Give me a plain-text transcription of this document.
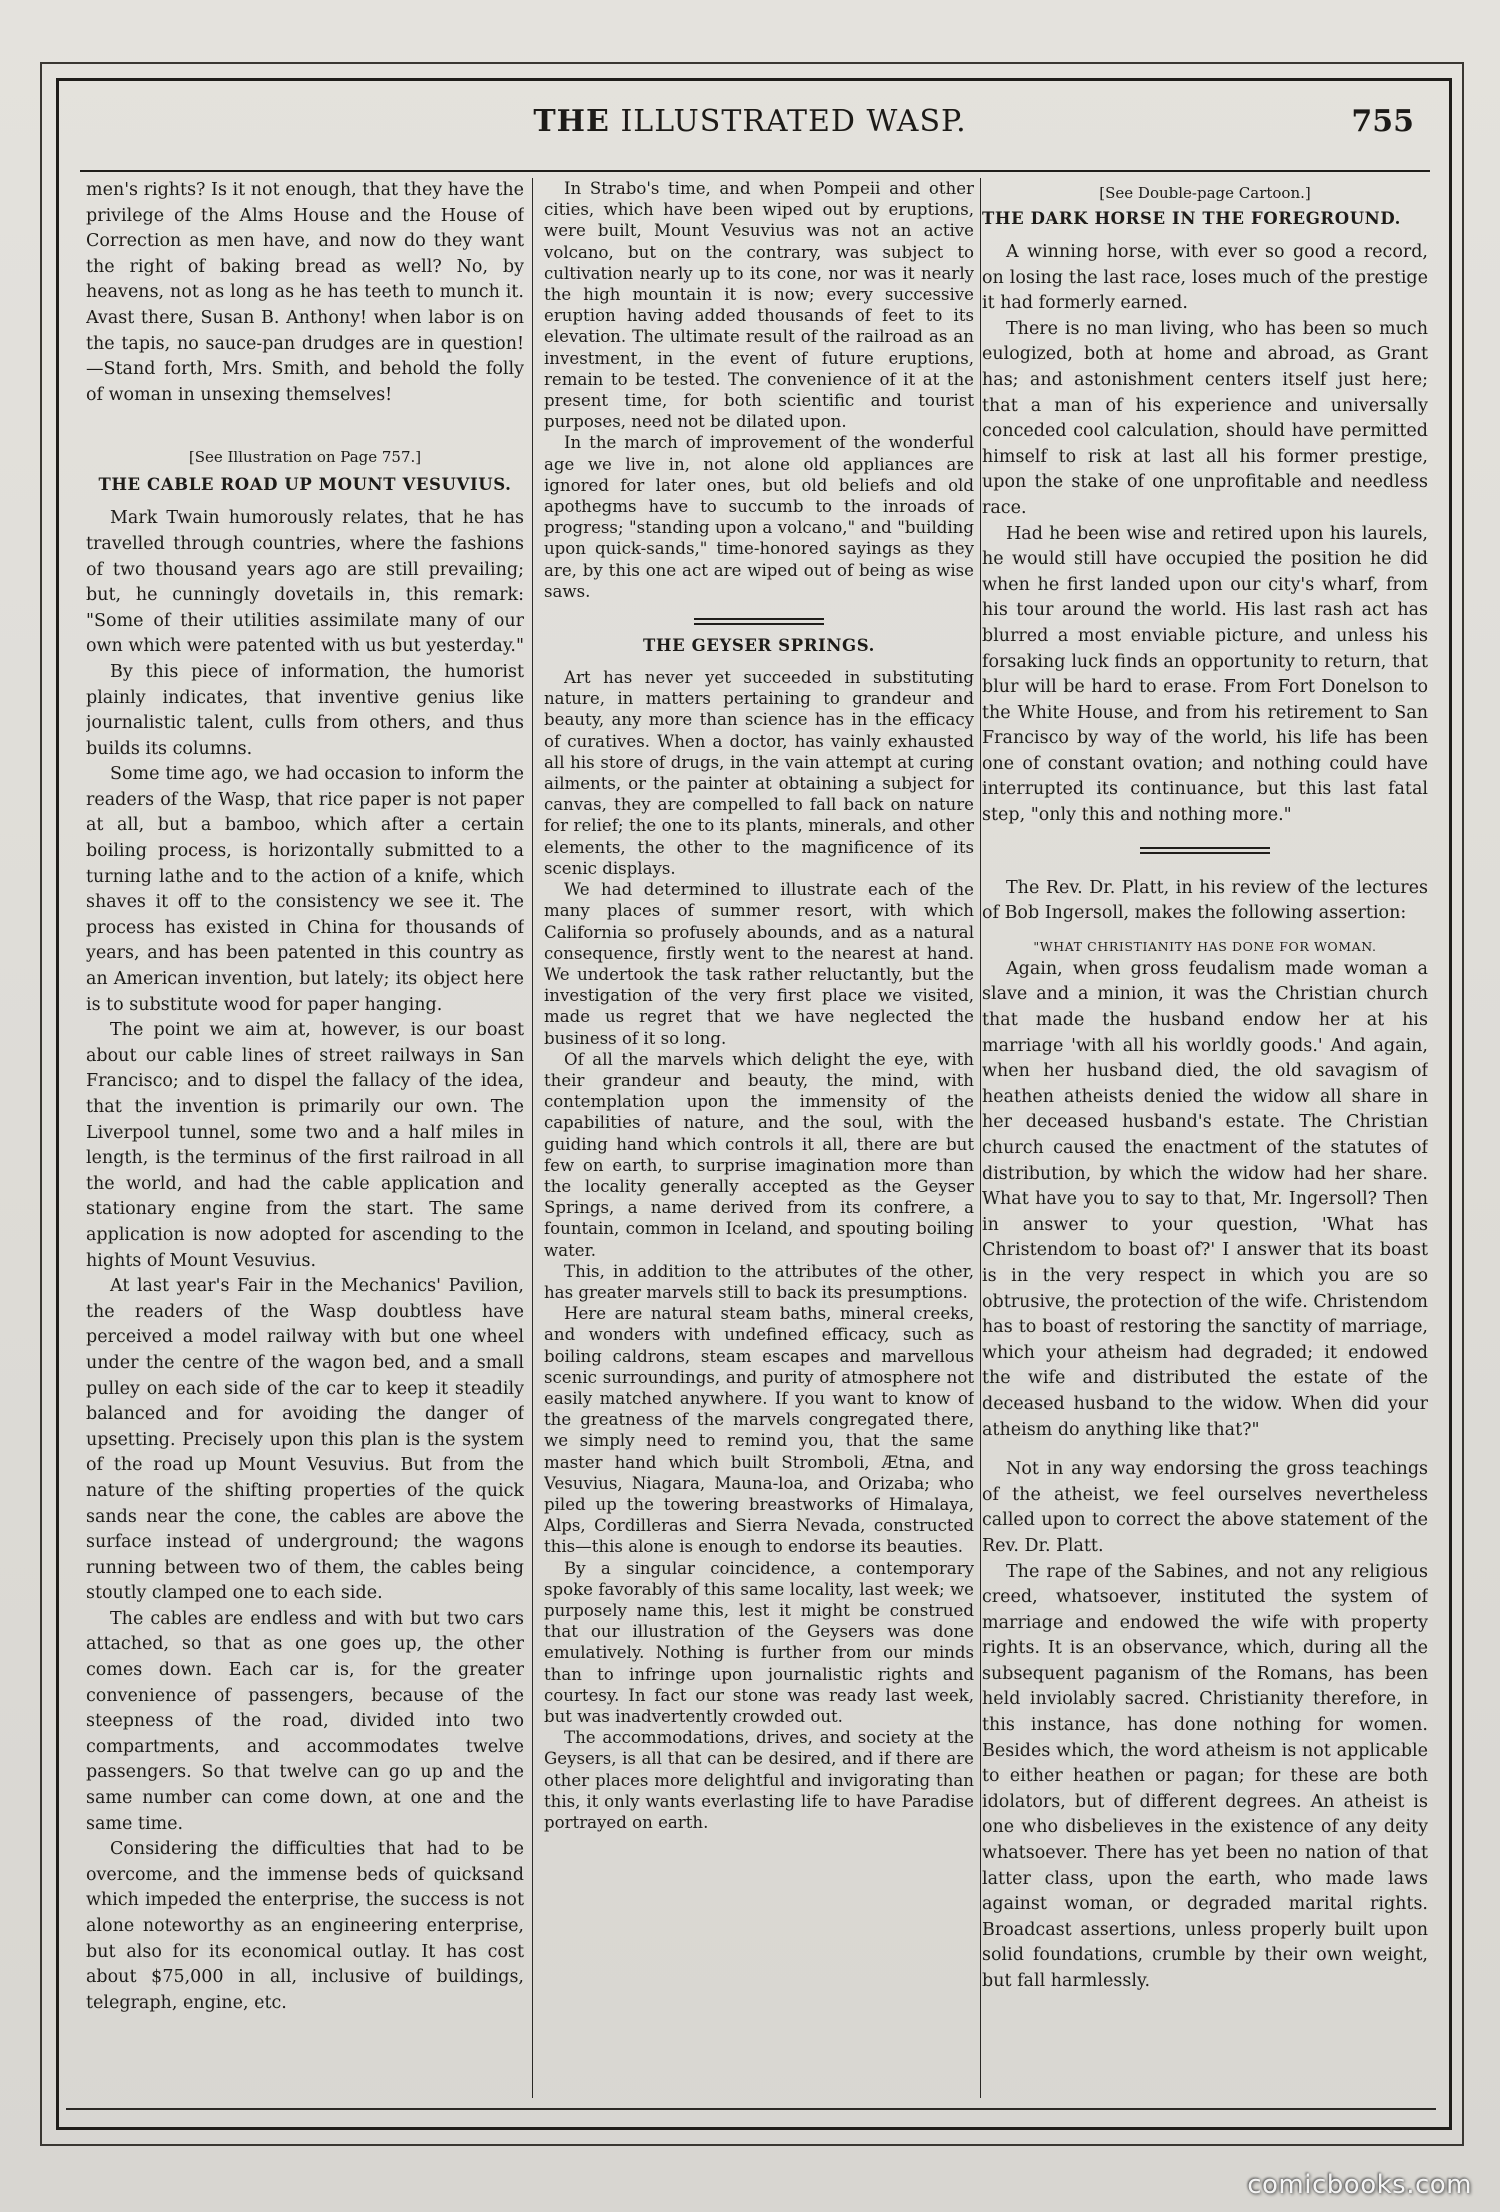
THE ILLUSTRATED WASP.	755

men's rights? Is it not enough, that they have the privilege of the Alms House and the House of Correction as men have, and now do they want the right of baking bread as well? No, by heavens, not as long as he has teeth to munch it. Avast there, Susan B. Anthony! when labor is on the tapis, no sauce-pan drudges are in question!—Stand forth, Mrs. Smith, and behold the folly of woman in unsexing themselves!

[See Illustration on Page 757.]
THE CABLE ROAD UP MOUNT VESUVIUS.

Mark Twain humorously relates, that he has travelled through countries, where the fashions of two thousand years ago are still prevailing; but, he cunningly dovetails in, this remark: "Some of their utilities assimilate many of our own which were patented with us but yesterday."

By this piece of information, the humorist plainly indicates, that inventive genius like journalistic talent, culls from others, and thus builds its columns.

Some time ago, we had occasion to inform the readers of the Wasp, that rice paper is not paper at all, but a bamboo, which after a certain boiling process, is horizontally submitted to a turning lathe and to the action of a knife, which shaves it off to the consistency we see it. The process has existed in China for thousands of years, and has been patented in this country as an American invention, but lately; its object here is to substitute wood for paper hanging.

The point we aim at, however, is our boast about our cable lines of street railways in San Francisco; and to dispel the fallacy of the idea, that the invention is primarily our own. The Liverpool tunnel, some two and a half miles in length, is the terminus of the first railroad in all the world, and had the cable application and stationary engine from the start. The same application is now adopted for ascending to the hights of Mount Vesuvius.

At last year's Fair in the Mechanics' Pavilion, the readers of the Wasp doubtless have perceived a model railway with but one wheel under the centre of the wagon bed, and a small pulley on each side of the car to keep it steadily balanced and for avoiding the danger of upsetting. Precisely upon this plan is the system of the road up Mount Vesuvius. But from the nature of the shifting properties of the quick sands near the cone, the cables are above the surface instead of underground; the wagons running between two of them, the cables being stoutly clamped one to each side.

The cables are endless and with but two cars attached, so that as one goes up, the other comes down. Each car is, for the greater convenience of passengers, because of the steepness of the road, divided into two compartments, and accommodates twelve passengers. So that twelve can go up and the same number can come down, at one and the same time.

Considering the difficulties that had to be overcome, and the immense beds of quicksand which impeded the enterprise, the success is not alone noteworthy as an engineering enterprise, but also for its economical outlay. It has cost about $75,000 in all, inclusive of buildings, telegraph, engine, etc.

In Strabo's time, and when Pompeii and other cities, which have been wiped out by eruptions, were built, Mount Vesuvius was not an active volcano, but on the contrary, was subject to cultivation nearly up to its cone, nor was it nearly the high mountain it is now; every successive eruption having added thousands of feet to its elevation. The ultimate result of the railroad as an investment, in the event of future eruptions, remain to be tested. The convenience of it at the present time, for both scientific and tourist purposes, need not be dilated upon.

In the march of improvement of the wonderful age we live in, not alone old appliances are ignored for later ones, but old beliefs and old apothegms have to succumb to the inroads of progress; "standing upon a volcano," and "building upon quick-sands," time-honored sayings as they are, by this one act are wiped out of being as wise saws.

THE GEYSER SPRINGS.

Art has never yet succeeded in substituting nature, in matters pertaining to grandeur and beauty, any more than science has in the efficacy of curatives. When a doctor, has vainly exhausted all his store of drugs, in the vain attempt at curing ailments, or the painter at obtaining a subject for canvas, they are compelled to fall back on nature for relief; the one to its plants, minerals, and other elements, the other to the magnificence of its scenic displays.

We had determined to illustrate each of the many places of summer resort, with which California so profusely abounds, and as a natural consequence, firstly went to the nearest at hand. We undertook the task rather reluctantly, but the investigation of the very first place we visited, made us regret that we have neglected the business of it so long.

Of all the marvels which delight the eye, with their grandeur and beauty, the mind, with contemplation upon the immensity of the capabilities of nature, and the soul, with the guiding hand which controls it all, there are but few on earth, to surprise imagination more than the locality generally accepted as the Geyser Springs, a name derived from its confrere, a fountain, common in Iceland, and spouting boiling water.

This, in addition to the attributes of the other, has greater marvels still to back its presumptions.

Here are natural steam baths, mineral creeks, and wonders with undefined efficacy, such as boiling caldrons, steam escapes and marvellous scenic surroundings, and purity of atmosphere not easily matched anywhere. If you want to know of the greatness of the marvels congregated there, we simply need to remind you, that the same master hand which built Stromboli, Ætna, and Vesuvius, Niagara, Mauna-loa, and Orizaba; who piled up the towering breastworks of Himalaya, Alps, Cordilleras and Sierra Nevada, constructed this—this alone is enough to endorse its beauties.

By a singular coincidence, a contemporary spoke favorably of this same locality, last week; we purposely name this, lest it might be construed that our illustration of the Geysers was done emulatively. Nothing is further from our minds than to infringe upon journalistic rights and courtesy. In fact our stone was ready last week, but was inadvertently crowded out.

The accommodations, drives, and society at the Geysers, is all that can be desired, and if there are other places more delightful and invigorating than this, it only wants everlasting life to have Paradise portrayed on earth.

[See Double-page Cartoon.]
THE DARK HORSE IN THE FOREGROUND.

A winning horse, with ever so good a record, on losing the last race, loses much of the prestige it had formerly earned.

There is no man living, who has been so much eulogized, both at home and abroad, as Grant has; and astonishment centers itself just here; that a man of his experience and universally conceded cool calculation, should have permitted himself to risk at last all his former prestige, upon the stake of one unprofitable and needless race.

Had he been wise and retired upon his laurels, he would still have occupied the position he did when he first landed upon our city's wharf, from his tour around the world. His last rash act has blurred a most enviable picture, and unless his forsaking luck finds an opportunity to return, that blur will be hard to erase. From Fort Donelson to the White House, and from his retirement to San Francisco by way of the world, his life has been one of constant ovation; and nothing could have interrupted its continuance, but this last fatal step, "only this and nothing more."

The Rev. Dr. Platt, in his review of the lectures of Bob Ingersoll, makes the following assertion:

"WHAT CHRISTIANITY HAS DONE FOR WOMAN.

Again, when gross feudalism made woman a slave and a minion, it was the Christian church that made the husband endow her at his marriage 'with all his worldly goods.' And again, when her husband died, the old savagism of heathen atheists denied the widow all share in her deceased husband's estate. The Christian church caused the enactment of the statutes of distribution, by which the widow had her share. What have you to say to that, Mr. Ingersoll? Then in answer to your question, 'What has Christendom to boast of?' I answer that its boast is in the very respect in which you are so obtrusive, the protection of the wife. Christendom has to boast of restoring the sanctity of marriage, which your atheism had degraded; it endowed the wife and distributed the estate of the deceased husband to the widow. When did your atheism do anything like that?"

Not in any way endorsing the gross teachings of the atheist, we feel ourselves nevertheless called upon to correct the above statement of the Rev. Dr. Platt.

The rape of the Sabines, and not any religious creed, whatsoever, instituted the system of marriage and endowed the wife with property rights. It is an observance, which, during all the subsequent paganism of the Romans, has been held inviolably sacred. Christianity therefore, in this instance, has done nothing for women. Besides which, the word atheism is not applicable to either heathen or pagan; for these are both idolators, but of different degrees. An atheist is one who disbelieves in the existence of any deity whatsoever. There has yet been no nation of that latter class, upon the earth, who made laws against woman, or degraded marital rights. Broadcast assertions, unless properly built upon solid foundations, crumble by their own weight, but fall harmlessly.

comicbooks.com
